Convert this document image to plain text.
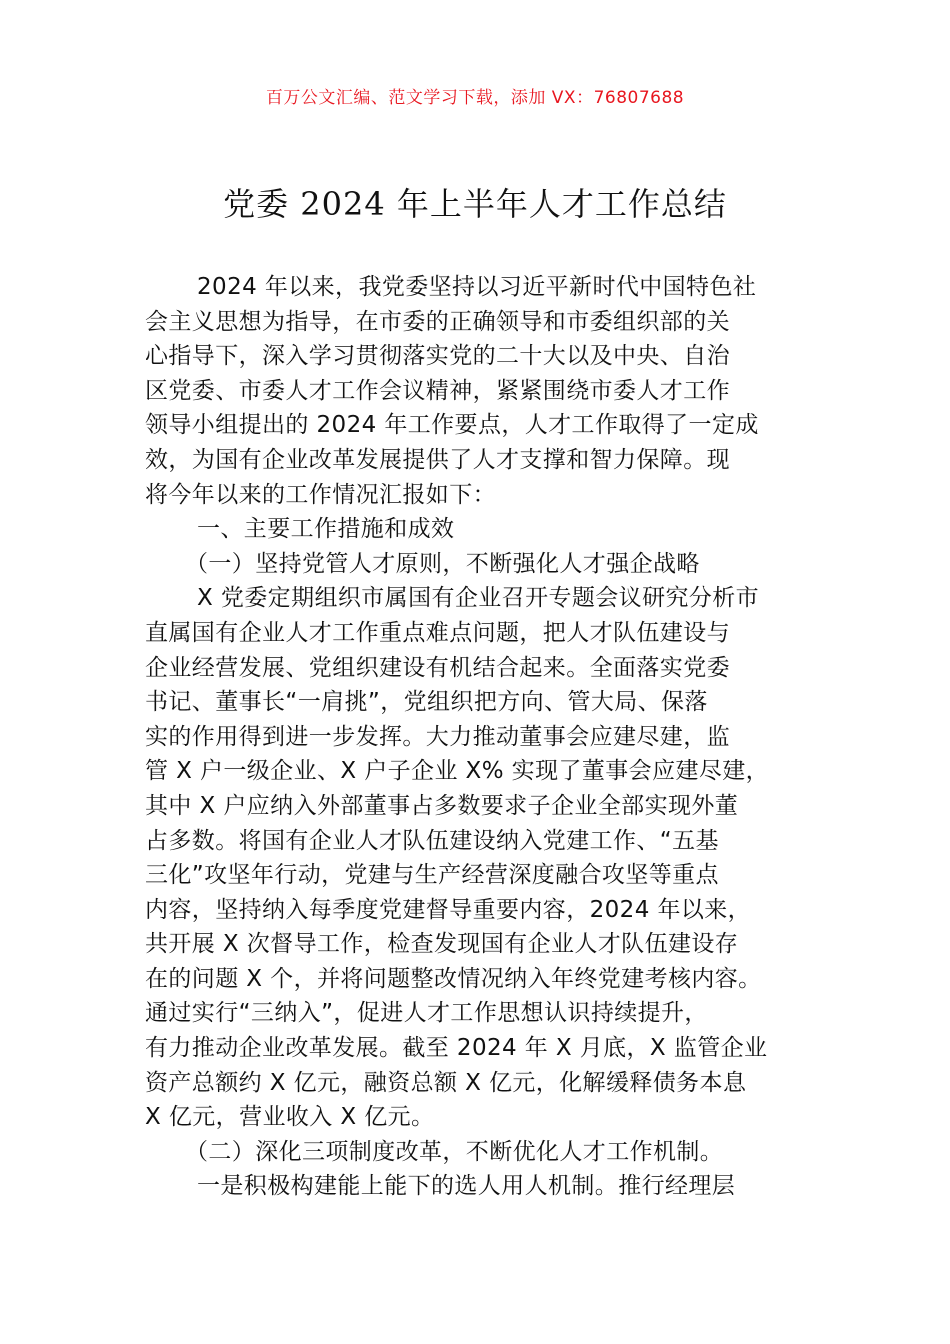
百万公文汇编、范文学习下载，添加 VX：76807688
党委 2024 年上半年人才工作总结
2024 年以来，我党委坚持以习近平新时代中国特色社
会主义思想为指导，在市委的正确领导和市委组织部的关
心指导下，深入学习贯彻落实党的二十大以及中央、自治
区党委、市委人才工作会议精神，紧紧围绕市委人才工作
领导小组提出的 2024 年工作要点，人才工作取得了一定成
效，为国有企业改革发展提供了人才支撑和智力保障。现
将今年以来的工作情况汇报如下：
一、主要工作措施和成效
（一）坚持党管人才原则，不断强化人才强企战略
X 党委定期组织市属国有企业召开专题会议研究分析市
直属国有企业人才工作重点难点问题，把人才队伍建设与
企业经营发展、党组织建设有机结合起来。全面落实党委
书记、董事长“一肩挑”，党组织把方向、管大局、保落
实的作用得到进一步发挥。大力推动董事会应建尽建，监
管 X 户一级企业、X 户子企业 X% 实现了董事会应建尽建，
其中 X 户应纳入外部董事占多数要求子企业全部实现外董
占多数。将国有企业人才队伍建设纳入党建工作、“五基
三化”攻坚年行动，党建与生产经营深度融合攻坚等重点
内容，坚持纳入每季度党建督导重要内容，2024 年以来，
共开展 X 次督导工作，检查发现国有企业人才队伍建设存
在的问题 X 个，并将问题整改情况纳入年终党建考核内容。
通过实行“三纳入”，促进人才工作思想认识持续提升，
有力推动企业改革发展。截至 2024 年 X 月底，X 监管企业
资产总额约 X 亿元，融资总额 X 亿元，化解缓释债务本息
X 亿元，营业收入 X 亿元。
（二）深化三项制度改革，不断优化人才工作机制。
一是积极构建能上能下的选人用人机制。推行经理层
